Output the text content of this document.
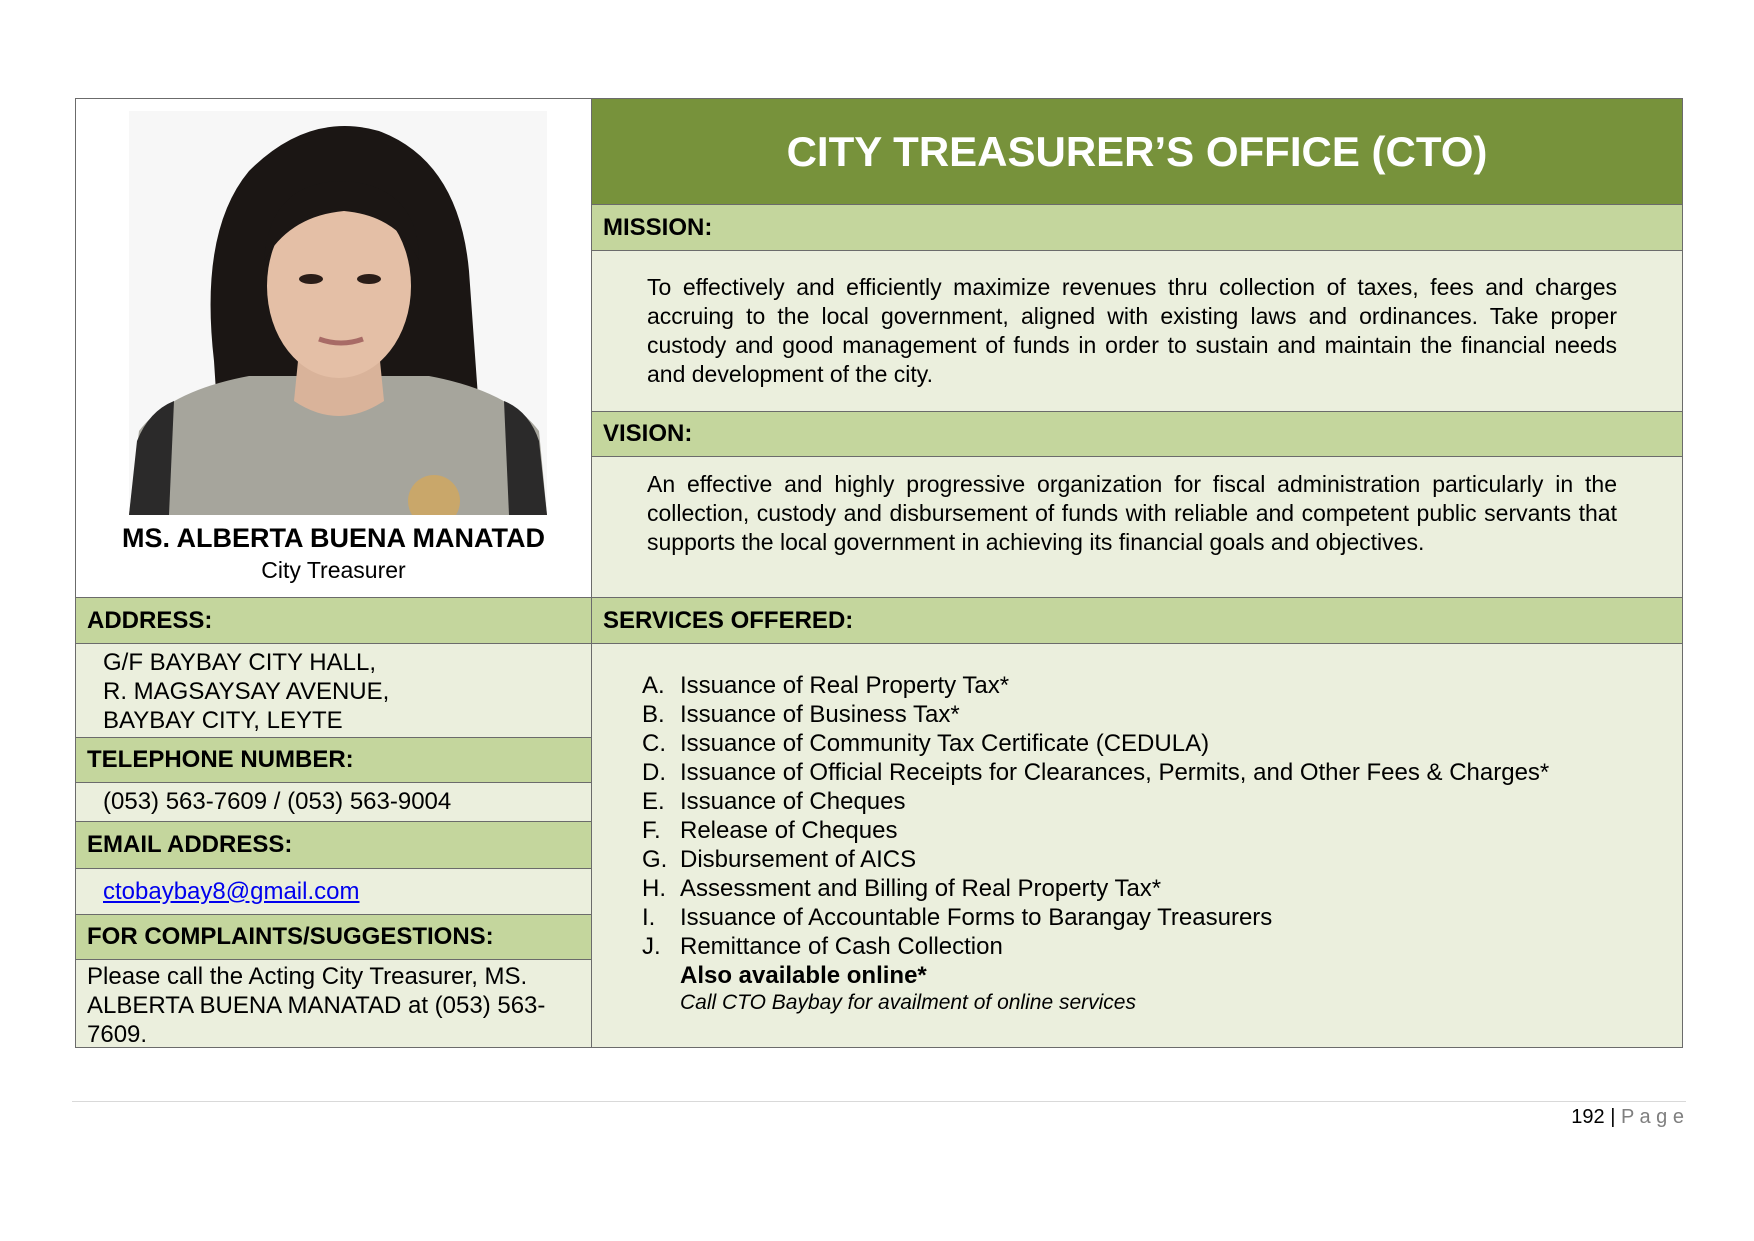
MS. ALBERTA BUENA MANATAD
City Treasurer
CITY TREASURER’S OFFICE (CTO)
MISSION:
To effectively and efficiently maximize revenues thru collection of taxes, fees and charges accruing to the local government, aligned with existing laws and ordinances. Take proper custody and good management of funds in order to sustain and maintain the financial needs and development of the city.
VISION:
An effective and highly progressive organization for fiscal administration particularly in the collection, custody and disbursement of funds with reliable and competent public servants that supports the local government in achieving its financial goals and objectives.
ADDRESS:
G/F BAYBAY CITY HALL,
R. MAGSAYSAY AVENUE,
BAYBAY CITY, LEYTE
TELEPHONE NUMBER:
(053) 563-7609 / (053) 563-9004
EMAIL ADDRESS:
ctobaybay8@gmail.com
FOR COMPLAINTS/SUGGESTIONS:
Please call the Acting City Treasurer, MS. ALBERTA BUENA MANATAD at (053) 563-7609.
SERVICES OFFERED:
A. Issuance of Real Property Tax*
B. Issuance of Business Tax*
C. Issuance of Community Tax Certificate (CEDULA)
D. Issuance of Official Receipts for Clearances, Permits, and Other Fees & Charges*
E. Issuance of Cheques
F. Release of Cheques
G. Disbursement of AICS
H. Assessment and Billing of Real Property Tax*
I.	Issuance of Accountable Forms to Barangay Treasurers
J. Remittance of Cash Collection
Also available online*
Call CTO Baybay for availment of online services
192 | P a g e
